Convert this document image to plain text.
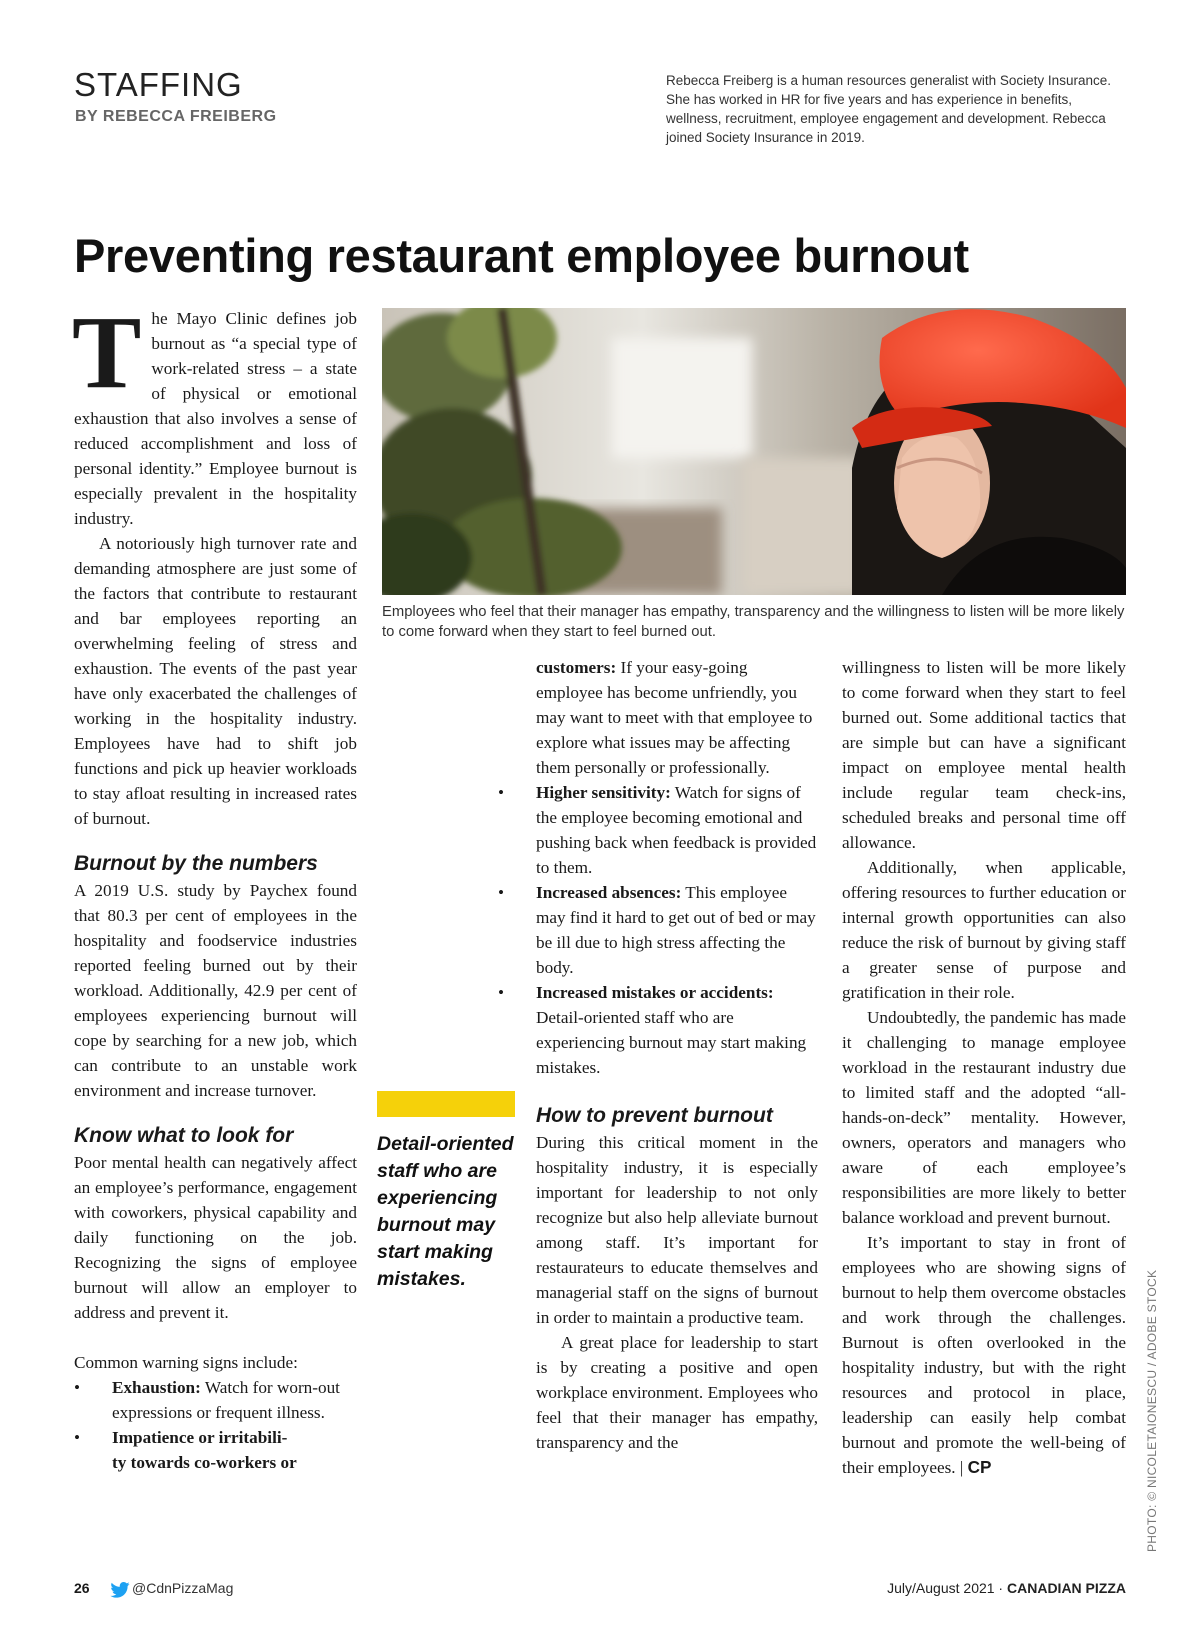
STAFFING
BY REBECCA FREIBERG
Rebecca Freiberg is a human resources generalist with Society Insurance. She has worked in HR for five years and has experience in benefits, wellness, recruitment, employee engagement and development. Rebecca joined Society Insurance in 2019.
Preventing restaurant employee burnout
Employees who feel that their manager has empathy, transparency and the willingness to listen will be more likely to come forward when they start to feel burned out.

The Mayo Clinic defines job burnout as “a special type of work-related stress – a state of physical or emotional exhaustion that also involves a sense of reduced accomplishment and loss of personal identity.” Employee burnout is especially prevalent in the hospitality industry.

A notoriously high turnover rate and demanding atmosphere are just some of the factors that contribute to restaurant and bar employees reporting an overwhelming feeling of stress and exhaustion. The events of the past year have only exacerbated the challenges of working in the hospitality industry. Employees have had to shift job functions and pick up heavier workloads to stay afloat resulting in increased rates of burnout.

Burnout by the numbers

A 2019 U.S. study by Paychex found that 80.3 per cent of employees in the hospitality and foodservice industries reported feeling burned out by their workload. Additionally, 42.9 per cent of employees experiencing burnout will cope by searching for a new job, which can contribute to an unstable work environment and increase turnover.

Know what to look for

Poor mental health can negatively affect an employee’s performance, engagement with coworkers, physical capability and daily functioning on the job. Recognizing the signs of employee burnout will allow an employer to address and prevent it.

Common warning signs include:

• Exhaustion: Watch for worn-out expressions or frequent illness.
• Impatience or irritabili-
ty towards co-workers or
Detail-oriented staff who are experiencing burnout may start making mistakes.
customers: If your easy-going employee has become unfriendly, you may want to meet with that employee to explore what issues may be affecting them personally or professionally.
• Higher sensitivity: Watch for signs of the employee becoming emotional and pushing back when feedback is provided to them.
• Increased absences: This employee may find it hard to get out of bed or may be ill due to high stress affecting the body.
• Increased mistakes or accidents: Detail-oriented staff who are experiencing burnout may start making mistakes.

How to prevent burnout

During this critical moment in the hospitality industry, it is especially important for leadership to not only recognize but also help alleviate burnout among staff. It’s important for restaurateurs to educate themselves and managerial staff on the signs of burnout in order to maintain a productive team.

A great place for leadership to start is by creating a positive and open workplace environment. Employees who feel that their manager has empathy, transparency and the

willingness to listen will be more likely to come forward when they start to feel burned out. Some additional tactics that are simple but can have a significant impact on employee mental health include regular team check-ins, scheduled breaks and personal time off allowance.

Additionally, when applicable, offering resources to further education or internal growth opportunities can also reduce the risk of burnout by giving staff a greater sense of purpose and gratification in their role.

Undoubtedly, the pandemic has made it challenging to manage employee workload in the restaurant industry due to limited staff and the adopted “all-hands-on-deck” mentality. However, owners, operators and managers who aware of each employee’s responsibilities are more likely to better balance workload and prevent burnout.

It’s important to stay in front of employees who are showing signs of burnout to help them overcome obstacles and work through the challenges. Burnout is often overlooked in the hospitality industry, but with the right resources and protocol in place, leadership can easily help combat burnout and promote the well-being of their employees. | CP	PHOTO: © NICOLETAIONESCU / ADOBE STOCK
26	@CdnPizzaMag	July/August 2021 · CANADIAN PIZZA
